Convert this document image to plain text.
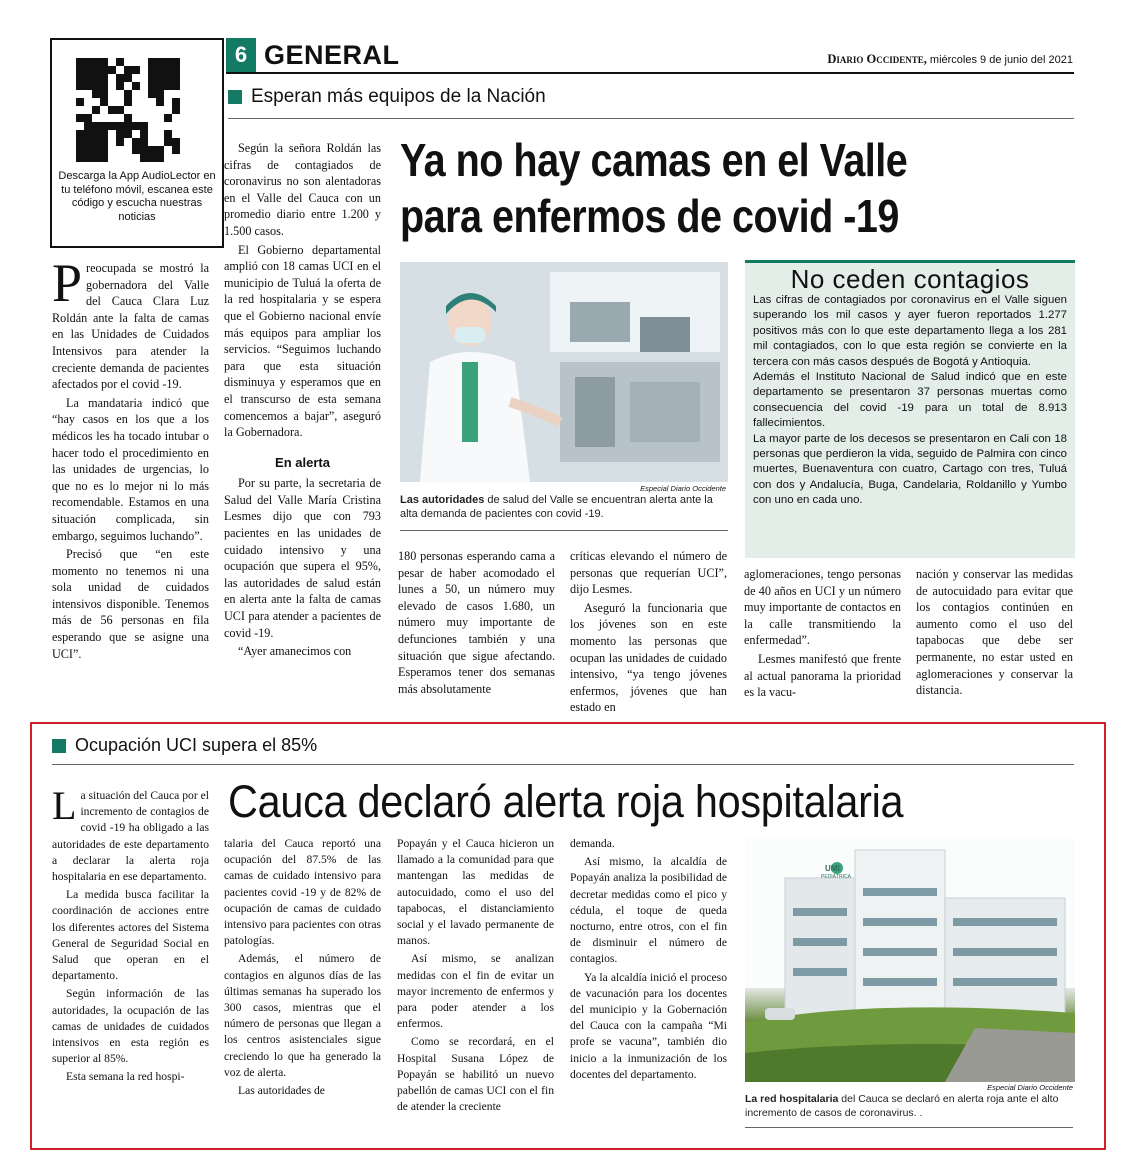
Descarga la App AudioLector en tu teléfono móvil, escanea este código y escucha nuestras noticias
6 GENERAL	Diario Occidente, miércoles 9 de junio del 2021
Esperan más equipos de la Nación
Ya no hay camas en el Valle
para enfermos de covid -19

Preocupada se mostró la gobernadora del Valle del Cauca Clara Luz Roldán ante la falta de camas en las Unidades de Cuidados Intensivos para atender la creciente demanda de pacientes afectados por el covid -19.

La mandataria indicó que “hay casos en los que a los médicos les ha tocado intubar o hacer todo el procedimiento en las unidades de urgencias, lo que no es lo mejor ni lo más recomendable. Estamos en una situación complicada, sin embargo, seguimos luchando”.

Precisó que “en este momento no tenemos ni una sola unidad de cuidados intensivos disponible. Tenemos más de 56 personas en fila esperando que se asigne una UCI”.

Según la señora Roldán las cifras de contagiados de coronavirus no son alentadoras en el Valle del Cauca con un promedio diario entre 1.200 y 1.500 casos.

El Gobierno departamental amplió con 18 camas UCI en el municipio de Tuluá la oferta de la red hospitalaria y se espera que el Gobierno nacional envíe más equipos para ampliar los servicios. “Seguimos luchando para que esta situación disminuya y esperamos que en el transcurso de esta semana comencemos a bajar”, aseguró la Gobernadora.

En alerta

Por su parte, la secretaria de Salud del Valle María Cristina Lesmes dijo que con 793 pacientes en las unidades de cuidado intensivo y una ocupación que supera el 95%, las autoridades de salud están en alerta ante la falta de camas UCI para atender a pacientes de covid -19.

“Ayer amanecimos con

Especial Diario Occidente
Las autoridades de salud del Valle se encuentran alerta ante la alta demanda de pacientes con covid -19.
No ceden contagios

Las cifras de contagiados por coronavirus en el Valle siguen superando los mil casos y ayer fueron reportados 1.277 positivos más con lo que este departamento llega a los 281 mil contagiados, con lo que esta región se convierte en la tercera con más casos después de Bogotá y Antioquia.

Además el Instituto Nacional de Salud indicó que en este departamento se presentaron 37 personas muertas como consecuencia del covid -19 para un total de 8.913 fallecimientos.

La mayor parte de los decesos se presentaron en Cali con 18 personas que perdieron la vida, seguido de Palmira con cinco muertes, Buenaventura con cuatro, Cartago con tres, Tuluá con dos y Andalucía, Buga, Candelaria, Roldanillo y Yumbo con uno en cada uno.

180 personas esperando cama a pesar de haber acomodado el lunes a 50, un número muy elevado de casos 1.680, un número muy importante de defunciones también y una situación que sigue afectando. Esperamos tener dos semanas más absolutamente

críticas elevando el número de personas que requerían UCI”, dijo Lesmes.

Aseguró la funcionaria que los jóvenes son en este momento las personas que ocupan las unidades de cuidado intensivo, “ya tengo jóvenes enfermos, jóvenes que han estado en

aglomeraciones, tengo personas de 40 años en UCI y un número muy importante de contactos en la calle transmitiendo la enfermedad”.

Lesmes manifestó que frente al actual panorama la prioridad es la vacu-

nación y conservar las medidas de autocuidado para evitar que los contagios continúen en aumento como el uso del tapabocas que debe ser permanente, no estar usted en aglomeraciones y conservar la distancia.

Ocupación UCI supera el 85%
Cauca declaró alerta roja hospitalaria

La situación del Cauca por el incremento de contagios de covid -19 ha obligado a las autoridades de este departamento a declarar la alerta roja hospitalaria en ese departamento.

La medida busca facilitar la coordinación de acciones entre los diferentes actores del Sistema General de Seguridad Social en Salud que operan en el departamento.

Según información de las autoridades, la ocupación de las camas de unidades de cuidados intensivos en esta región es superior al 85%.

Esta semana la red hospi-

talaria del Cauca reportó una ocupación del 87.5% de las camas de cuidado intensivo para pacientes covid -19 y de 82% de ocupación de camas de cuidado intensivo para pacientes con otras patologías.

Además, el número de contagios en algunos días de las últimas semanas ha superado los 300 casos, mientras que el número de personas que llegan a los centros asistenciales sigue creciendo lo que ha generado la voz de alerta.

Las autoridades de

Popayán y el Cauca hicieron un llamado a la comunidad para que mantengan las medidas de autocuidado, como el uso del tapabocas, el distanciamiento social y el lavado permanente de manos.

Así mismo, se analizan medidas con el fin de evitar un mayor incremento de enfermos y para poder atender a los enfermos.

Como se recordará, en el Hospital Susana López de Popayán se habilitó un nuevo pabellón de camas UCI con el fin de atender la creciente

demanda.

Así mismo, la alcaldía de Popayán analiza la posibilidad de decretar medidas como el pico y cédula, el toque de queda nocturno, entre otros, con el fin de disminuir el número de contagios.

Ya la alcaldía inició el proceso de vacunación para los docentes del municipio y la Gobernación del Cauca con la campaña “Mi profe se vacuna”, también dio inicio a la inmunización de los docentes del departamento.

UMI
PEDIÁTRICA
Especial Diario Occidente
La red hospitalaria del Cauca se declaró en alerta roja ante el alto incremento de casos de coronavirus. .
